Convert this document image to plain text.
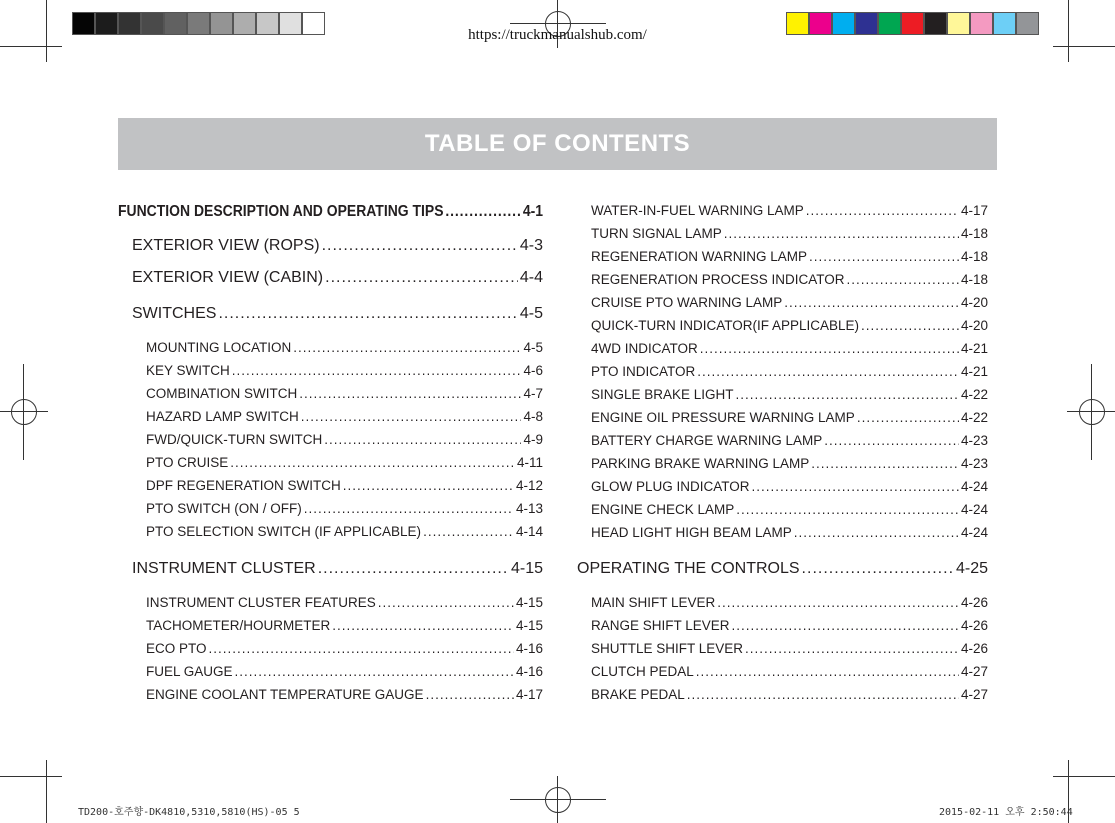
https://truckmanualshub.com/
TABLE OF CONTENTS
FUNCTION DESCRIPTION AND OPERATING TIPS .....	4-1
EXTERIOR VIEW (ROPS) .....	4-3
EXTERIOR VIEW (CABIN) .....	4-4
SWITCHES .....	4-5
MOUNTING LOCATION .....	4-5
KEY SWITCH .....	4-6
COMBINATION SWITCH .....	4-7
HAZARD LAMP SWITCH .....	4-8
FWD/QUICK-TURN SWITCH .....	4-9
PTO CRUISE .....	4-11
DPF REGENERATION SWITCH .....	4-12
PTO SWITCH (ON / OFF) .....	4-13
PTO SELECTION SWITCH (IF APPLICABLE) .....	4-14
INSTRUMENT CLUSTER .....	4-15
INSTRUMENT CLUSTER FEATURES .....	4-15
TACHOMETER/HOURMETER .....	4-15
ECO PTO .....	4-16
FUEL GAUGE .....	4-16
ENGINE COOLANT TEMPERATURE GAUGE .....	4-17
WATER-IN-FUEL WARNING LAMP .....	4-17
TURN SIGNAL LAMP .....	4-18
REGENERATION WARNING LAMP .....	4-18
REGENERATION PROCESS INDICATOR .....	4-18
CRUISE PTO WARNING LAMP .....	4-20
QUICK-TURN INDICATOR(IF APPLICABLE) .....	4-20
4WD INDICATOR .....	4-21
PTO INDICATOR .....	4-21
SINGLE BRAKE LIGHT .....	4-22
ENGINE OIL PRESSURE WARNING LAMP .....	4-22
BATTERY CHARGE WARNING LAMP .....	4-23
PARKING BRAKE WARNING LAMP .....	4-23
GLOW PLUG INDICATOR .....	4-24
ENGINE CHECK LAMP .....	4-24
HEAD LIGHT HIGH BEAM LAMP .....	4-24
OPERATING THE CONTROLS .....	4-25
MAIN SHIFT LEVER .....	4-26
RANGE SHIFT LEVER .....	4-26
SHUTTLE SHIFT LEVER .....	4-26
CLUTCH PEDAL .....	4-27
BRAKE PEDAL .....	4-27
TD200-호주향-DK4810,5310,5810(HS)-05 5	2015-02-11 오후 2:50:44
